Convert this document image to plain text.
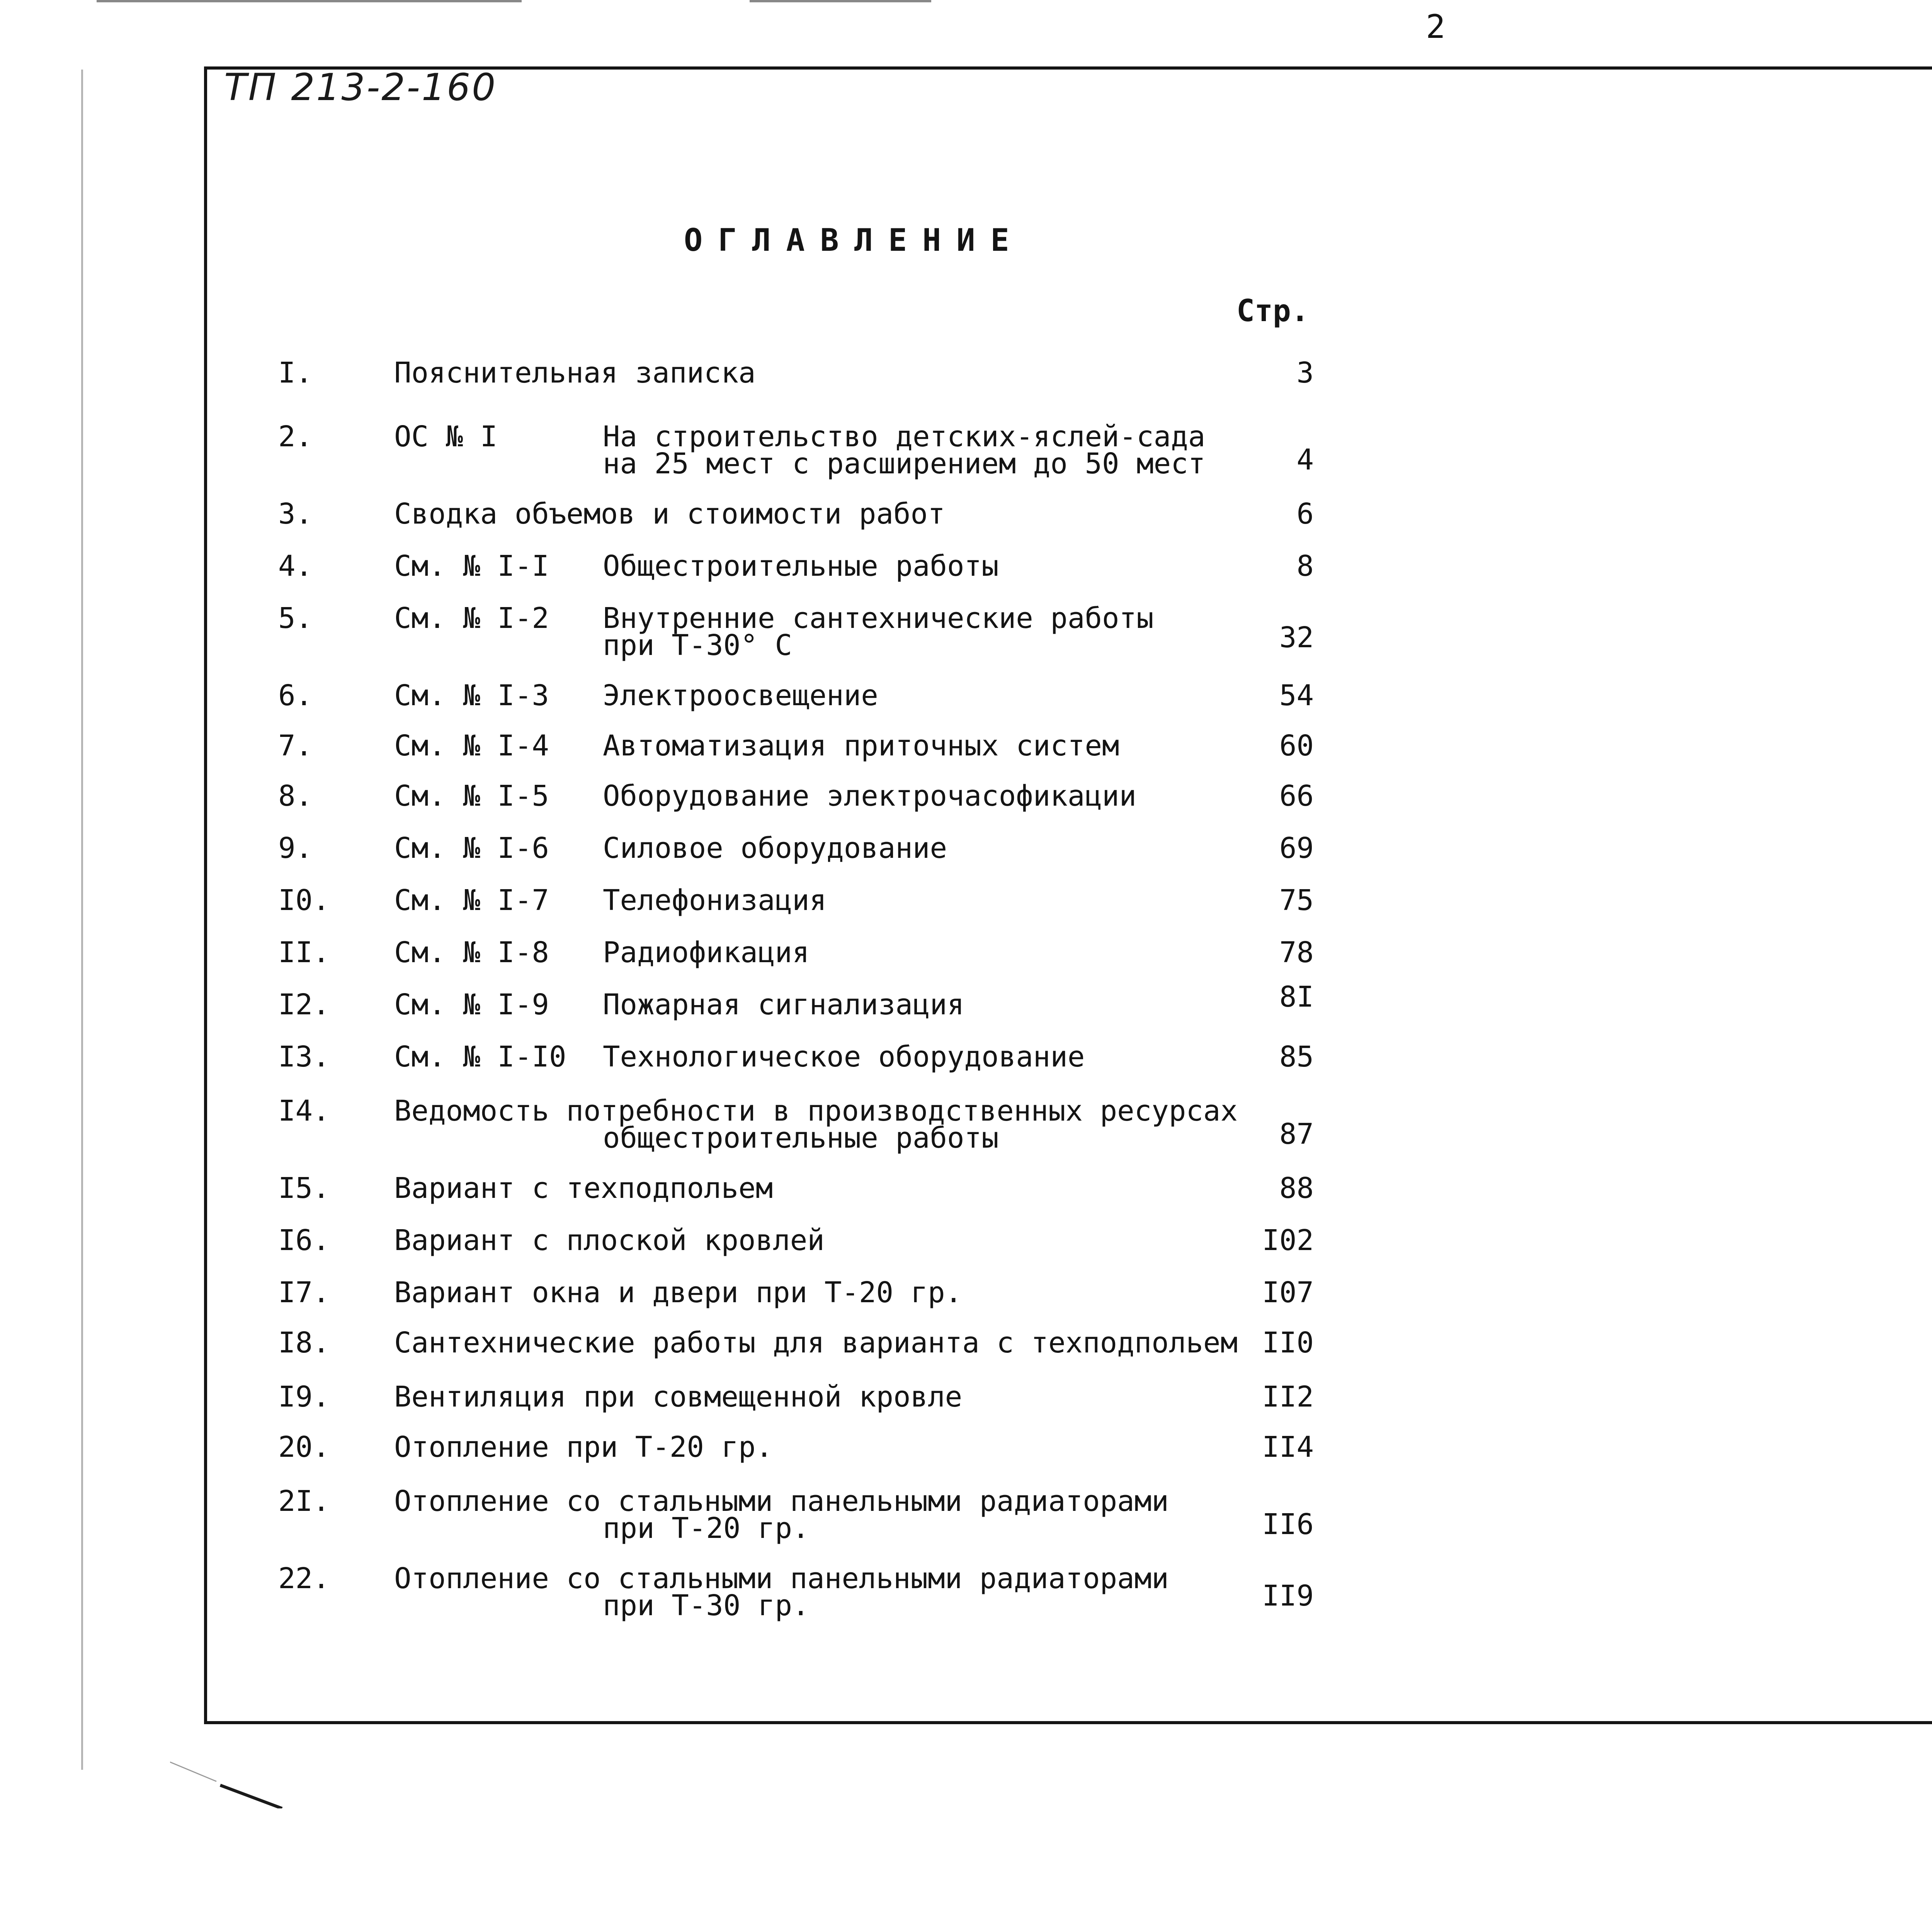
2
ТП 213-2-160
ОГЛАВЛЕНИЕ
Стр.
I.	Пояснительная записка	3
2.	ОС № I	На строительство детских-яслей-сада
на 25 мест с расширением до 50 мест	4
3.	Сводка объемов и стоимости работ	6
4.	См. № I-I	Общестроительные работы	8
5.	См. № I-2	Внутренние сантехнические работы
при Т-30° С	32
6.	См. № I-3	Электроосвещение	54
7.	См. № I-4	Автоматизация приточных систем	60
8.	См. № I-5	Оборудование электрочасофикации	66
9.	См. № I-6	Силовое оборудование	69
I0.	См. № I-7	Телефонизация	75
II.	См. № I-8	Радиофикация	78
I2.	См. № I-9	Пожарная сигнализация	8I
I3.	См. № I-I0	Технологическое оборудование	85
I4.	Ведомость потребности в производственных ресурсах
общестроительные работы	87
I5.	Вариант с техподпольем	88
I6.	Вариант с плоской кровлей	I02
I7.	Вариант окна и двери при Т-20 гр.	I07
I8.	Сантехнические работы для варианта с техподпольем II0
I9.	Вентиляция при совмещенной кровле	II2
20.	Отопление при Т-20 гр.	II4
2I.	Отопление со стальными панельными радиаторами
при Т-20 гр.	II6
22.	Отопление со стальными панельными радиаторами
при Т-30 гр.	II9
